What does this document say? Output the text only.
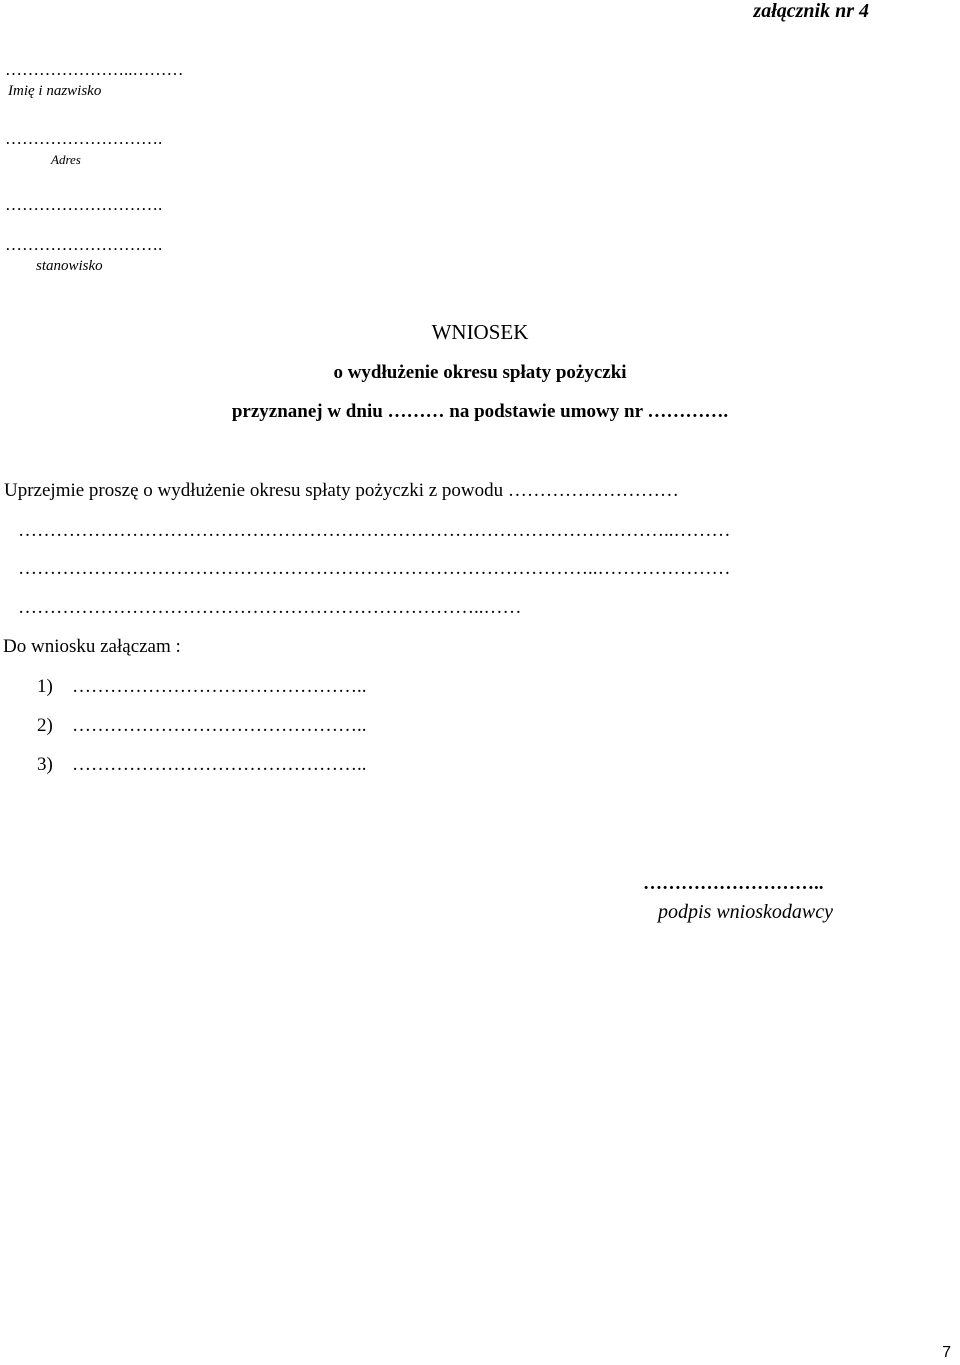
załącznik nr 4
…………………..………
Imię i nazwisko
……………………….
Adres
……………………….
……………………….
stanowisko
WNIOSEK
o wydłużenie okresu spłaty pożyczki
przyznanej w dniu ……… na podstawie umowy nr ………….
Uprzejmie proszę o wydłużenie okresu spłaty pożyczki z powodu ………………………
…………………………………………………………………………………………..………
………………………………………………………………………………..…………………
………………………………………………………………..……
Do wniosku załączam :
1) ………………………………………..
2) ………………………………………..
3) ………………………………………..
………………………..
podpis wnioskodawcy
7
